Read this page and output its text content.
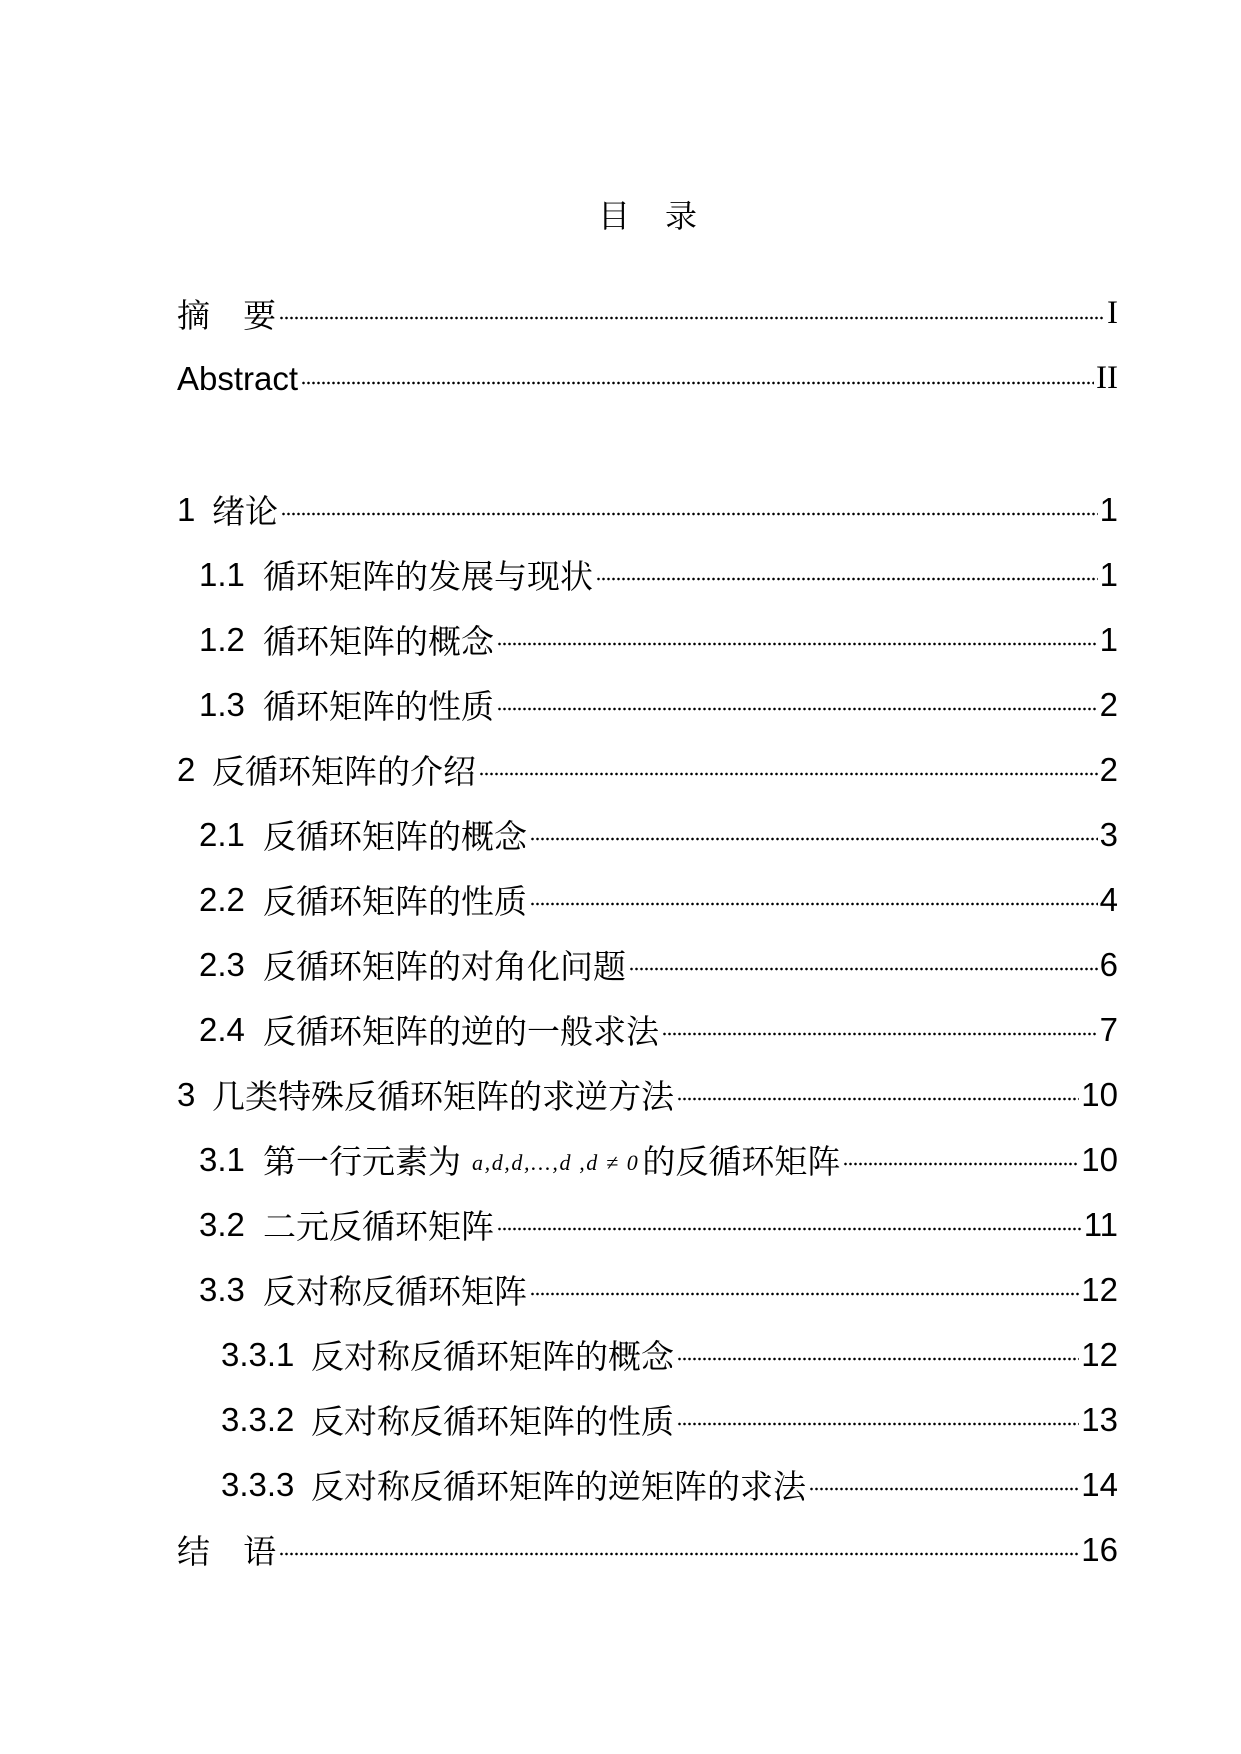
目 录
摘 要	I
Abstract	II
1 绪论	1
1.1 循环矩阵的发展与现状	1
1.2 循环矩阵的概念	1
1.3 循环矩阵的性质	2
2 反循环矩阵的介绍	2
2.1 反循环矩阵的概念	3
2.2 反循环矩阵的性质	4
2.3 反循环矩阵的对角化问题	6
2.4 反循环矩阵的逆的一般求法	7
3 几类特殊反循环矩阵的求逆方法	10
3.1 第一行元素为 a,d,d,...,d ,d ≠ 0 的反循环矩阵	10
3.2 二元反循环矩阵	11
3.3 反对称反循环矩阵	12
3.3.1 反对称反循环矩阵的概念	12
3.3.2 反对称反循环矩阵的性质	13
3.3.3 反对称反循环矩阵的逆矩阵的求法	14
结 语	16
